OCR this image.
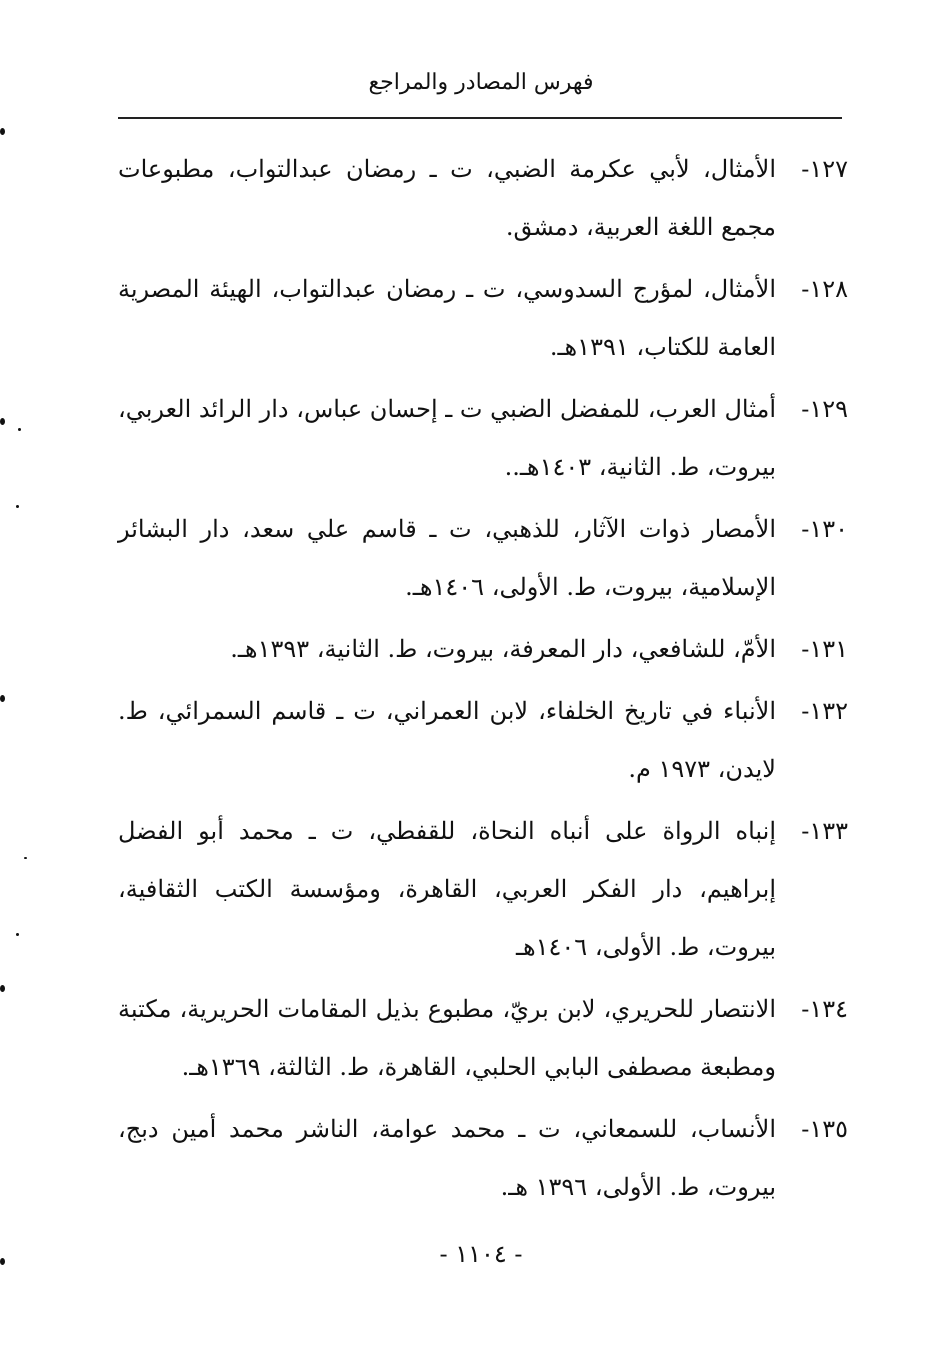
فهرس المصادر والمراجع
١٢٧-
الأمثال، لأبي عكرمة الضبي، ت ـ رمضان عبدالتواب، مطبوعات مجمع اللغة العربية، دمشق.
١٢٨-
الأمثال، لمؤرج السدوسي، ت ـ رمضان عبدالتواب، الهيئة المصرية العامة للكتاب، ١٣٩١هـ.
١٢٩-
أمثال العرب، للمفضل الضبي ت ـ إحسان عباس، دار الرائد العربي، بيروت، ط. الثانية، ١٤٠٣هـ..
١٣٠-
الأمصار ذوات الآثار، للذهبي، ت ـ قاسم علي سعد، دار البشائر الإسلامية، بيروت، ط. الأولى، ١٤٠٦هـ.
١٣١-
الأمّ، للشافعي، دار المعرفة، بيروت، ط. الثانية، ١٣٩٣هـ.
١٣٢-
الأنباء في تاريخ الخلفاء، لابن العمراني، ت ـ قاسم السمرائي، ط. لايدن، ١٩٧٣ م.
١٣٣-
إنباه الرواة على أنباه النحاة، للقفطي، ت ـ محمد أبو الفضل إبراهيم، دار الفكر العربي، القاهرة، ومؤسسة الكتب الثقافية، بيروت، ط. الأولى، ١٤٠٦هـ
١٣٤-
الانتصار للحريري، لابن بريّ، مطبوع بذيل المقامات الحريرية، مكتبة ومطبعة مصطفى البابي الحلبي، القاهرة، ط. الثالثة، ١٣٦٩هـ.
١٣٥-
الأنساب، للسمعاني، ت ـ محمد عوامة، الناشر محمد أمين دبج، بيروت، ط. الأولى، ١٣٩٦ هـ.
- ١١٠٤ -
